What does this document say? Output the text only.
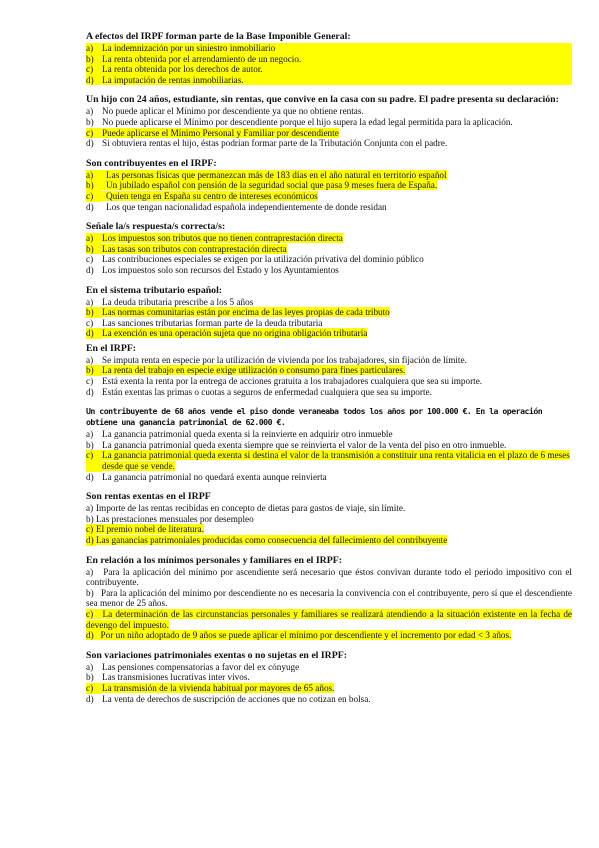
A efectos del IRPF forman parte de la Base Imponible General:
a) La indemnización por un siniestro inmobiliario
b) La renta obtenida por el arrendamiento de un negocio.
c) La renta obtenida por los derechos de autor.
d) La imputación de rentas inmobiliarias.
Un hijo con 24 años, estudiante, sin rentas, que convive en la casa con su padre. El padre presenta su declaración:
a) No puede aplicar el Mínimo por descendiente ya que no obtiene rentas.
b) No puede aplicarse el Mínimo por descendiente porque el hijo supera la edad legal permitida para la aplicación.
c) Puede aplicarse el Mínimo Personal y Familiar por descendiente
d) Si obtuviera rentas el hijo, éstas podrían formar parte de la Tributación Conjunta con el padre.
Son contribuyentes en el IRPF:
a)	Las personas físicas que permanezcan más de 183 días en el año natural en territorio español
b)	Un jubilado español con pensión de la seguridad social que pasa 9 meses fuera de España.
c)	Quien tenga en España su centro de intereses económicos
d)	Los que tengan nacionalidad española independientemente de donde residan
Señale la/s respuesta/s correcta/s:
a) Los impuestos son tributos que no tienen contraprestación directa
b) Las tasas son tributos con contraprestación directa
c) Las contribuciones especiales se exigen por la utilización privativa del dominio público
d) Los impuestos solo son recursos del Estado y los Ayuntamientos
En el sistema tributario español:
a) La deuda tributaria prescribe a los 5 años
b) Las normas comunitarias están por encima de las leyes propias de cada tributo
c) Las sanciones tributarias forman parte de la deuda tributaria
d) La exención es una operación sujeta que no origina obligación tributaria
En el IRPF:
a) Se imputa renta en especie por la utilización de vivienda por los trabajadores, sin fijación de límite.
b) La renta del trabajo en especie exige utilización o consumo para fines particulares.
c) Está exenta la renta por la entrega de acciones gratuita a los trabajadores cualquiera que sea su importe.
d) Están exentas las primas o cuotas a seguros de enfermedad cualquiera que sea su importe.
Un contribuyente de 68 años vende el piso donde veraneaba todos los años por 100.000 €. En la operación obtiene una ganancia patrimonial de 62.000 €.
a) La ganancia patrimonial queda exenta si la reinvierte en adquirir otro inmueble
b) La ganancia patrimonial queda exenta siempre que se reinvierta el valor de la venta del piso en otro inmueble.
c) La ganancia patrimonial queda exenta si destina el valor de la transmisión a constituir una renta vitalicia en el plazo de 6 meses desde que se vende.
d) La ganancia patrimonial no quedará exenta aunque reinvierta
Son rentas exentas en el IRPF
a) Importe de las rentas recibidas en concepto de dietas para gastos de viaje, sin límite.
b) Las prestaciones mensuales por desempleo
c) El premio nobel de literatura.
d) Las ganancias patrimoniales producidas como consecuencia del fallecimiento del contribuyente
En relación a los mínimos personales y familiares en el IRPF:
a) Para la aplicación del mínimo por ascendiente será necesario que éstos convivan durante todo el periodo impositivo con el contribuyente.
b) Para la aplicación del mínimo por descendiente no es necesaria la convivencia con el contribuyente, pero sí que el descendiente sea menor de 25 años.
c) La determinación de las circunstancias personales y familiares se realizará atendiendo a la situación existente en la fecha de devengo del impuesto.
d) Por un niño adoptado de 9 años se puede aplicar el mínimo por descendiente y el incremento por edad < 3 años.
Son variaciones patrimoniales exentas o no sujetas en el IRPF:
a) Las pensiones compensatorias a favor del ex cónyuge
b) Las transmisiones lucrativas inter vivos.
c) La transmisión de la vivienda habitual por mayores de 65 años.
d) La venta de derechos de suscripción de acciones que no cotizan en bolsa.
